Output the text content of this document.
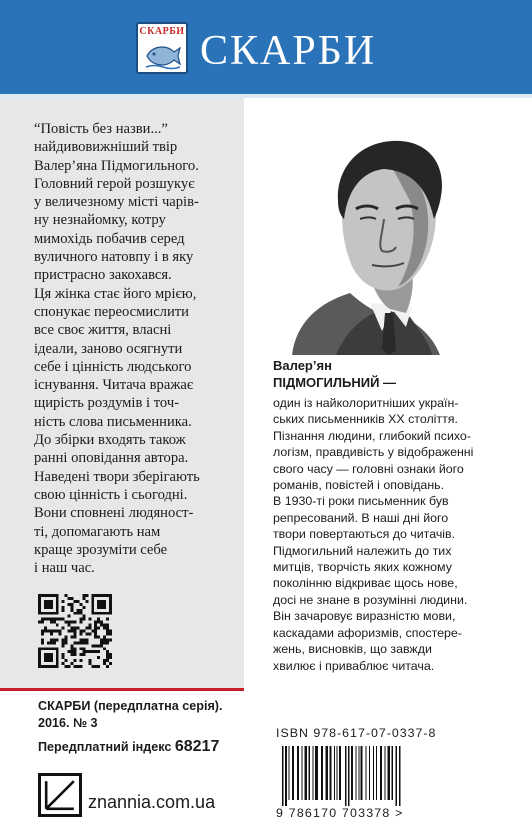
СКАРБИ СКАРБИ

“Повість без назви...”
найдивовижніший твір
Валер’яна Підмогильного.
Головний герой розшукує
у величезному місті чарів-
ну незнайомку, котру
мимохідь побачив серед
вуличного натовпу і в яку
пристрасно закохався.
Ця жінка стає його мрією,
спонукає переосмислити
все своє життя, власні
ідеали, заново осягнути
себе і цінність людського
існування. Читача вражає
щирість роздумів і точ-
ність слова письменника.
До збірки входять також
ранні оповідання автора.
Наведені твори зберігають
свою цінність і сьогодні.
Вони сповнені людяност-
ті, допомагають нам
краще зрозуміти себе
і наш час.

СКАРБИ (передплатна серія).
2016. № 3
Передплатний індекс 68217
znannia.com.ua
Валер’ян
ПІДМОГИЛЬНИЙ —

один із найколоритніших україн-
ських письменників XX століття.
Пізнання людини, глибокий психо-
логізм, правдивість у відображенні
свого часу — головні ознаки його
романів, повістей і оповідань.
В 1930-ті роки письменник був
репресований. В наші дні його
твори повертаються до читачів.
Підмогильний належить до тих
митців, творчість яких кожному
поколінню відкриває щось нове,
досі не знане в розумінні людини.
Він зачаровує виразністю мови,
каскадами афоризмів, спостере-
жень, висновків, що завжди
хвилює і приваблює читача.

ISBN 978-617-07-0337-8
9 786170 703378 >
